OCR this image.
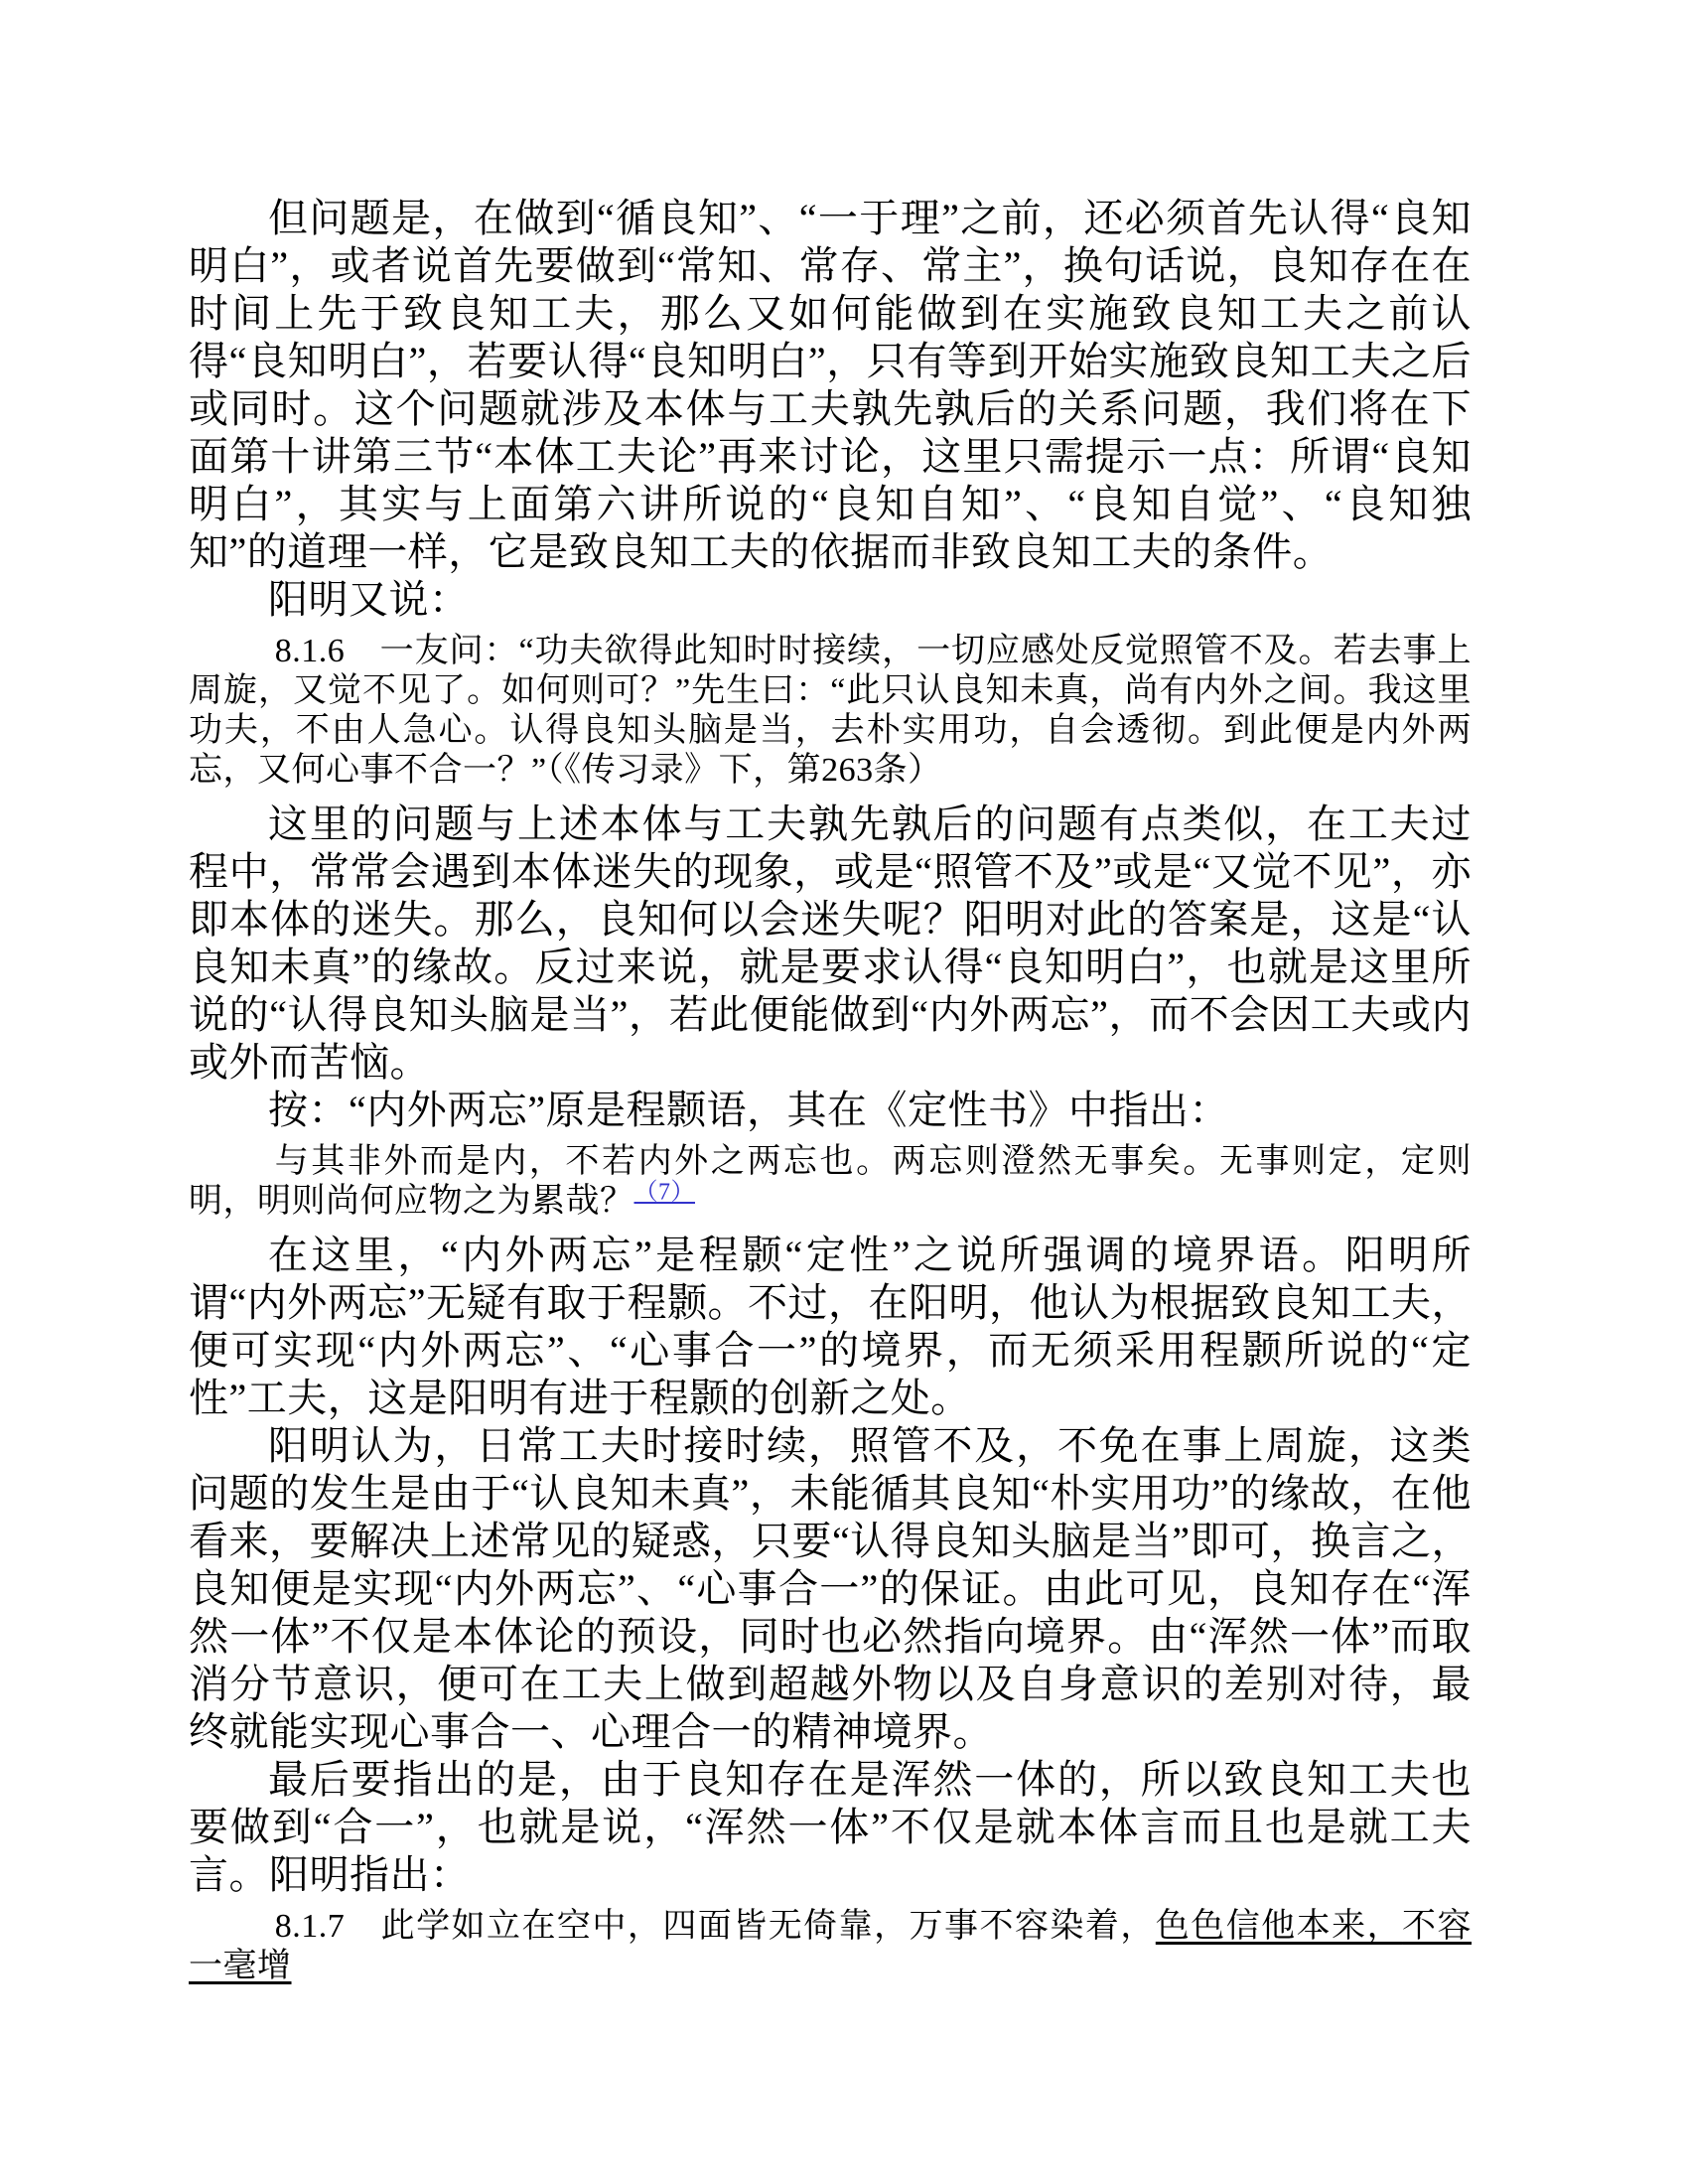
但问题是，在做到“循良知”、“一于理”之前，还必须首先认得“良知明白”，或者说首先要做到“常知、常存、常主”，换句话说，良知存在在时间上先于致良知工夫，那么又如何能做到在实施致良知工夫之前认得“良知明白”，若要认得“良知明白”，只有等到开始实施致良知工夫之后或同时。这个问题就涉及本体与工夫孰先孰后的关系问题，我们将在下面第十讲第三节“本体工夫论”再来讨论，这里只需提示一点：所谓“良知明白”，其实与上面第六讲所说的“良知自知”、“良知自觉”、“良知独知”的道理一样，它是致良知工夫的依据而非致良知工夫的条件。

阳明又说：

8.1.6　一友问：“功夫欲得此知时时接续，一切应感处反觉照管不及。若去事上周旋，又觉不见了。如何则可？”先生曰：“此只认良知未真，尚有内外之间。我这里功夫，不由人急心。认得良知头脑是当，去朴实用功，自会透彻。到此便是内外两忘，又何心事不合一？”（《传习录》下，第263条）

这里的问题与上述本体与工夫孰先孰后的问题有点类似，在工夫过程中，常常会遇到本体迷失的现象，或是“照管不及”或是“又觉不见”，亦即本体的迷失。那么，良知何以会迷失呢？阳明对此的答案是，这是“认良知未真”的缘故。反过来说，就是要求认得“良知明白”，也就是这里所说的“认得良知头脑是当”，若此便能做到“内外两忘”，而不会因工夫或内或外而苦恼。

按：“内外两忘”原是程颢语，其在《定性书》中指出：

与其非外而是内，不若内外之两忘也。两忘则澄然无事矣。无事则定，定则明，明则尚何应物之为累哉？$^{(7)}$

在这里，“内外两忘”是程颢“定性”之说所强调的境界语。阳明所谓“内外两忘”无疑有取于程颢。不过，在阳明，他认为根据致良知工夫，便可实现“内外两忘”、“心事合一”的境界，而无须采用程颢所说的“定性”工夫，这是阳明有进于程颢的创新之处。

阳明认为，日常工夫时接时续，照管不及，不免在事上周旋，这类问题的发生是由于“认良知未真”，未能循其良知“朴实用功”的缘故，在他看来，要解决上述常见的疑惑，只要“认得良知头脑是当”即可，换言之，良知便是实现“内外两忘”、“心事合一”的保证。由此可见，良知存在“浑然一体”不仅是本体论的预设，同时也必然指向境界。由“浑然一体”而取消分节意识，便可在工夫上做到超越外物以及自身意识的差别对待，最终就能实现心事合一、心理合一的精神境界。

最后要指出的是，由于良知存在是浑然一体的，所以致良知工夫也要做到“合一”，也就是说，“浑然一体”不仅是就本体言而且也是就工夫言。阳明指出：

8.1.7　此学如立在空中，四面皆无倚靠，万事不容染着，色色信他本来，不容一毫增
